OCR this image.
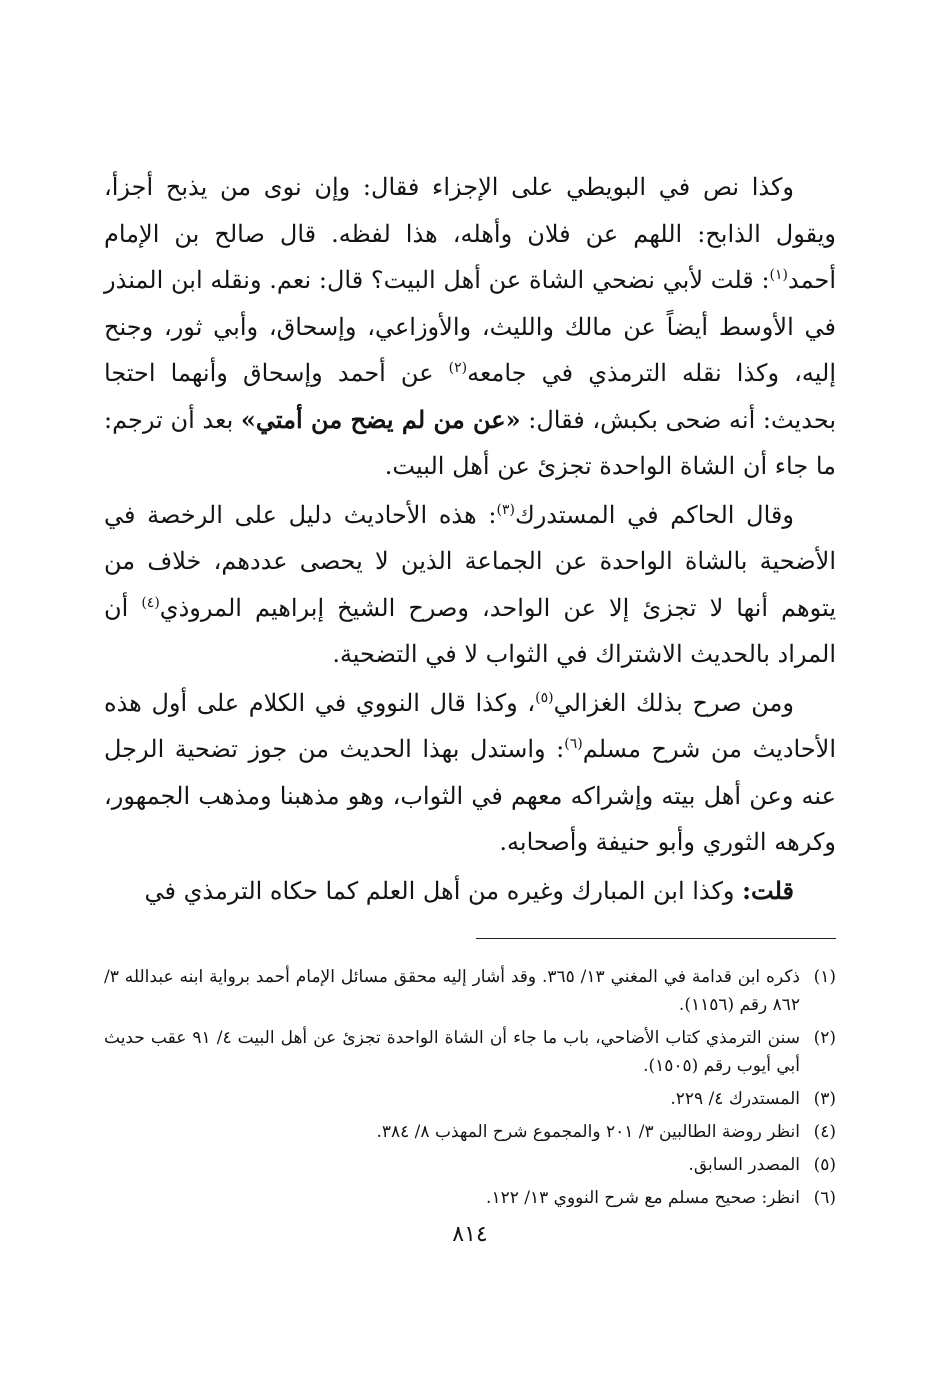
وكذا نص في البويطي على الإجزاء فقال: وإن نوى من يذبح أجزأ، ويقول الذابح: اللهم عن فلان وأهله، هذا لفظه. قال صالح بن الإمام أحمد$^{(١)}$: قلت لأبي نضحي الشاة عن أهل البيت؟ قال: نعم. ونقله ابن المنذر في الأوسط أيضاً عن مالك والليث، والأوزاعي، وإسحاق، وأبي ثور، وجنح إليه، وكذا نقله الترمذي في جامعه$^{(٢)}$ عن أحمد وإسحاق وأنهما احتجا بحديث: أنه ضحى بكبش، فقال: «عن من لم يضح من أمتي» بعد أن ترجم: ما جاء أن الشاة الواحدة تجزئ عن أهل البيت.

وقال الحاكم في المستدرك$^{(٣)}$: هذه الأحاديث دليل على الرخصة في الأضحية بالشاة الواحدة عن الجماعة الذين لا يحصى عددهم، خلاف من يتوهم أنها لا تجزئ إلا عن الواحد، وصرح الشيخ إبراهيم المروذي$^{(٤)}$ أن المراد بالحديث الاشتراك في الثواب لا في التضحية.

ومن صرح بذلك الغزالي$^{(٥)}$، وكذا قال النووي في الكلام على أول هذه الأحاديث من شرح مسلم$^{(٦)}$: واستدل بهذا الحديث من جوز تضحية الرجل عنه وعن أهل بيته وإشراكه معهم في الثواب، وهو مذهبنا ومذهب الجمهور، وكرهه الثوري وأبو حنيفة وأصحابه.

قلت: وكذا ابن المبارك وغيره من أهل العلم كما حكاه الترمذي في

(١)
ذكره ابن قدامة في المغني ١٣/ ٣٦٥. وقد أشار إليه محقق مسائل الإمام أحمد برواية ابنه عبدالله ٣/ ٨٦٢ رقم (١١٥٦).
(٢)
سنن الترمذي كتاب الأضاحي، باب ما جاء أن الشاة الواحدة تجزئ عن أهل البيت ٤/ ٩١ عقب حديث أبي أيوب رقم (١٥٠٥).
(٣)
المستدرك ٤/ ٢٢٩.
(٤)
انظر روضة الطالبين ٣/ ٢٠١ والمجموع شرح المهذب ٨/ ٣٨٤.
(٥)
المصدر السابق.
(٦)
انظر: صحيح مسلم مع شرح النووي ١٣/ ١٢٢.
٨١٤
